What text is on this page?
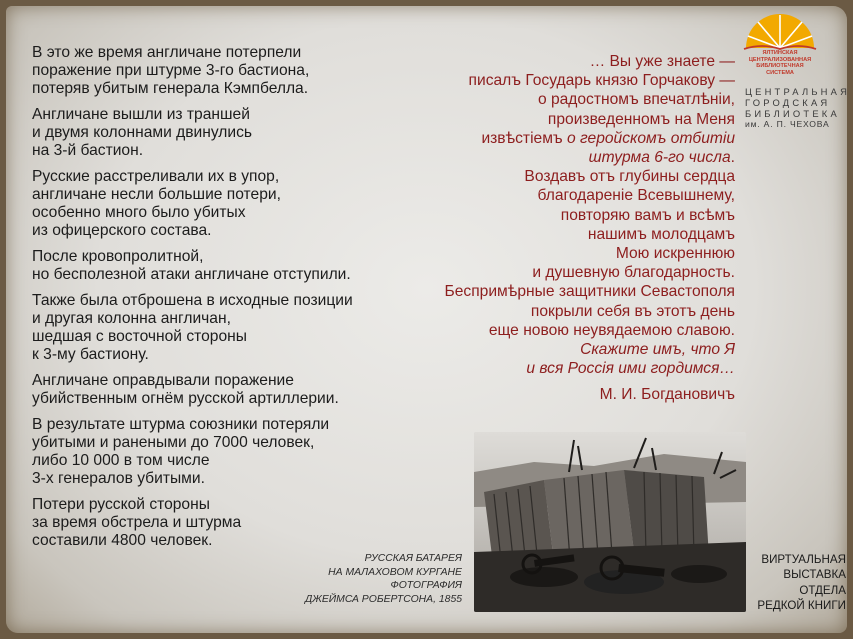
В это же время англичане потерпели
поражение при штурме 3-го бастиона,
потеряв убитым генерала Кэмпбелла.

Англичане вышли из траншей
и двумя колоннами двинулись
на 3-й бастион.

Русские расстреливали их в упор,
англичане несли большие потери,
особенно много было убитых
из офицерского состава.

После кровопролитной,
но бесполезной атаки англичане отступили.

Также была отброшена в исходные позиции
и другая колонна англичан,
шедшая с восточной стороны
к 3-му бастиону.

Англичане оправдывали поражение
убийственным огнём русской артиллерии.

В результате штурма союзники потеряли
убитыми и ранеными до 7000 человек,
либо 10 000 в том числе
3-х генералов убитыми.

Потери русской стороны
за время обстрела и штурма
составили 4800 человек.

… Вы уже знаете —
писалъ Государь князю Горчакову —
о радостномъ впечатлѣніи,
произведенномъ на Меня
извѣстіемъ о геройскомъ отбитіи
штурма 6-го числа.
Воздавъ отъ глубины сердца
благодареніе Всевышнему,
повторяю вамъ и всѣмъ
нашимъ молодцамъ
Мою искреннюю
и душевную благодарность.
Беспримѣрные защитники Севастополя
покрыли себя въ этотъ день
еще новою неувядаемою славою.
Скажите имъ, что Я
и вся Россія ими гордимся…
М. И. Богдановичъ
РУССКАЯ БАТАРЕЯ
НА МАЛАХОВОМ КУРГАНЕ
ФОТОГРАФИЯ
ДЖЕЙМСА РОБЕРТСОНА, 1855
ЯЛТИНСКАЯ ЦЕНТРАЛИЗОВАННАЯ
БИБЛИОТЕЧНАЯ
СИСТЕМА
ЦЕНТРАЛЬНАЯ
ГОРОДСКАЯ
БИБЛИОТЕКА
им. А. П. ЧЕХОВА
ВИРТУАЛЬНАЯ
ВЫСТАВКА
ОТДЕЛА
РЕДКОЙ КНИГИ
